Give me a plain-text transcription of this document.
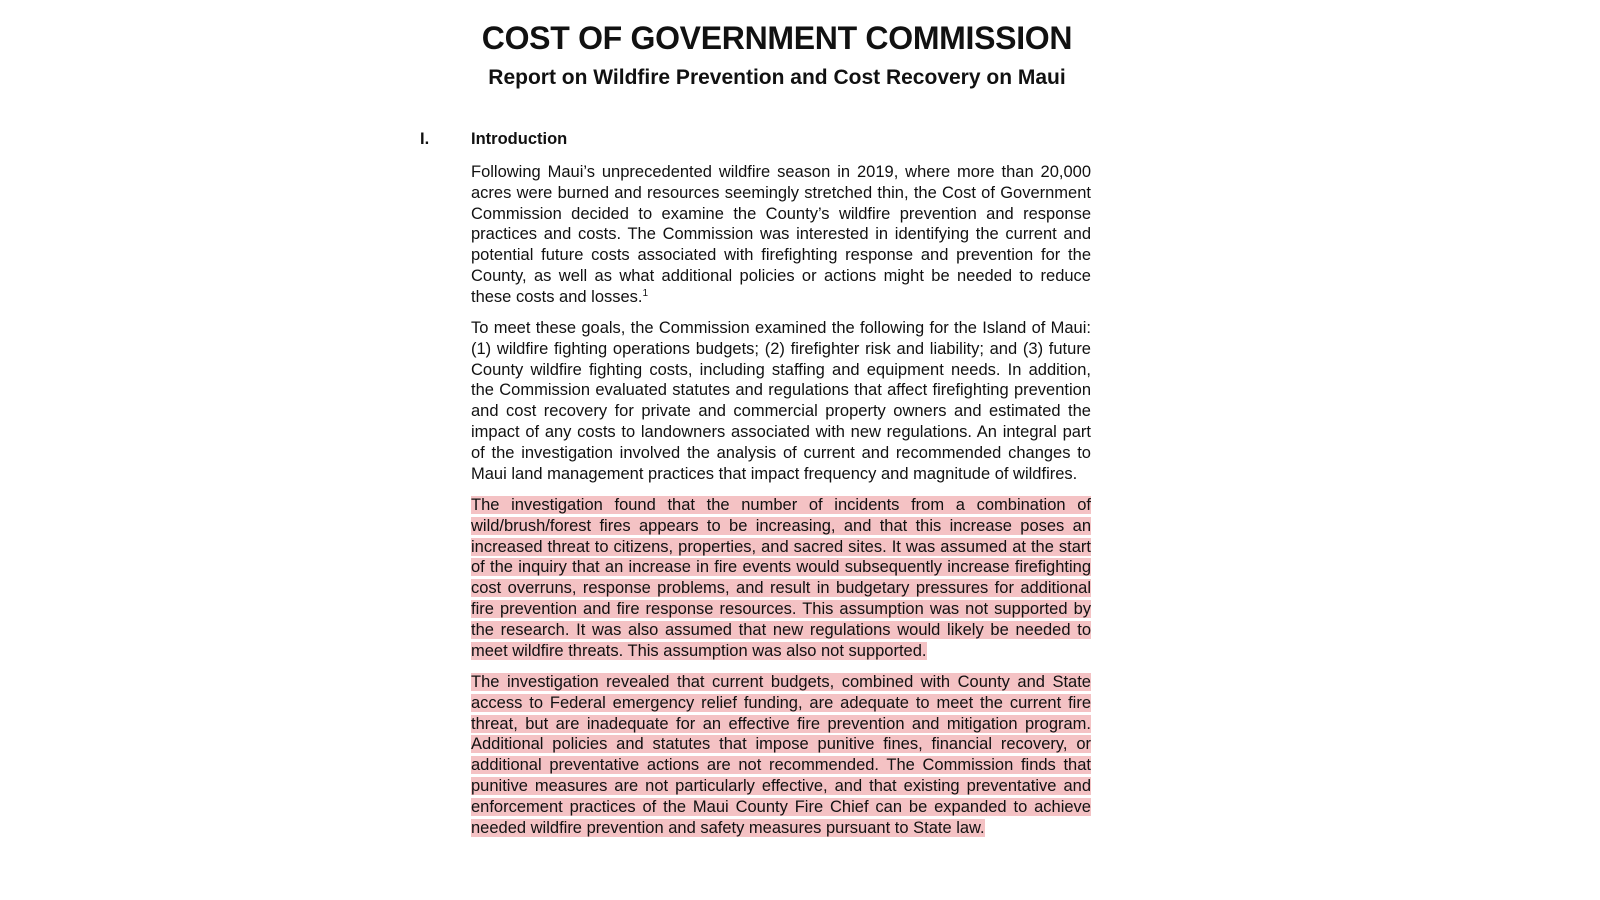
COST OF GOVERNMENT COMMISSION
Report on Wildfire Prevention and Cost Recovery on Maui
I.	Introduction

Following Maui’s unprecedented wildfire season in 2019, where more than 20,000 acres were burned and resources seemingly stretched thin, the Cost of Government Commission decided to examine the County’s wildfire prevention and response practices and costs. The Commission was interested in identifying the current and potential future costs associated with firefighting response and prevention for the County, as well as what additional policies or actions might be needed to reduce these costs and losses.$^1$

To meet these goals, the Commission examined the following for the Island of Maui: (1) wildfire fighting operations budgets; (2) firefighter risk and liability; and (3) future County wildfire fighting costs, including staffing and equipment needs. In addition, the Commission evaluated statutes and regulations that affect firefighting prevention and cost recovery for private and commercial property owners and estimated the impact of any costs to landowners associated with new regulations. An integral part of the investigation involved the analysis of current and recommended changes to Maui land management practices that impact frequency and magnitude of wildfires.

The investigation found that the number of incidents from a combination of wild/brush/forest fires appears to be increasing, and that this increase poses an increased threat to citizens, properties, and sacred sites. It was assumed at the start of the inquiry that an increase in fire events would subsequently increase firefighting cost overruns, response problems, and result in budgetary pressures for additional fire prevention and fire response resources. This assumption was not supported by the research. It was also assumed that new regulations would likely be needed to meet wildfire threats. This assumption was also not supported.

The investigation revealed that current budgets, combined with County and State access to Federal emergency relief funding, are adequate to meet the current fire threat, but are inadequate for an effective fire prevention and mitigation program. Additional policies and statutes that impose punitive fines, financial recovery, or additional preventative actions are not recommended. The Commission finds that punitive measures are not particularly effective, and that existing preventative and enforcement practices of the Maui County Fire Chief can be expanded to achieve needed wildfire prevention and safety measures pursuant to State law.
